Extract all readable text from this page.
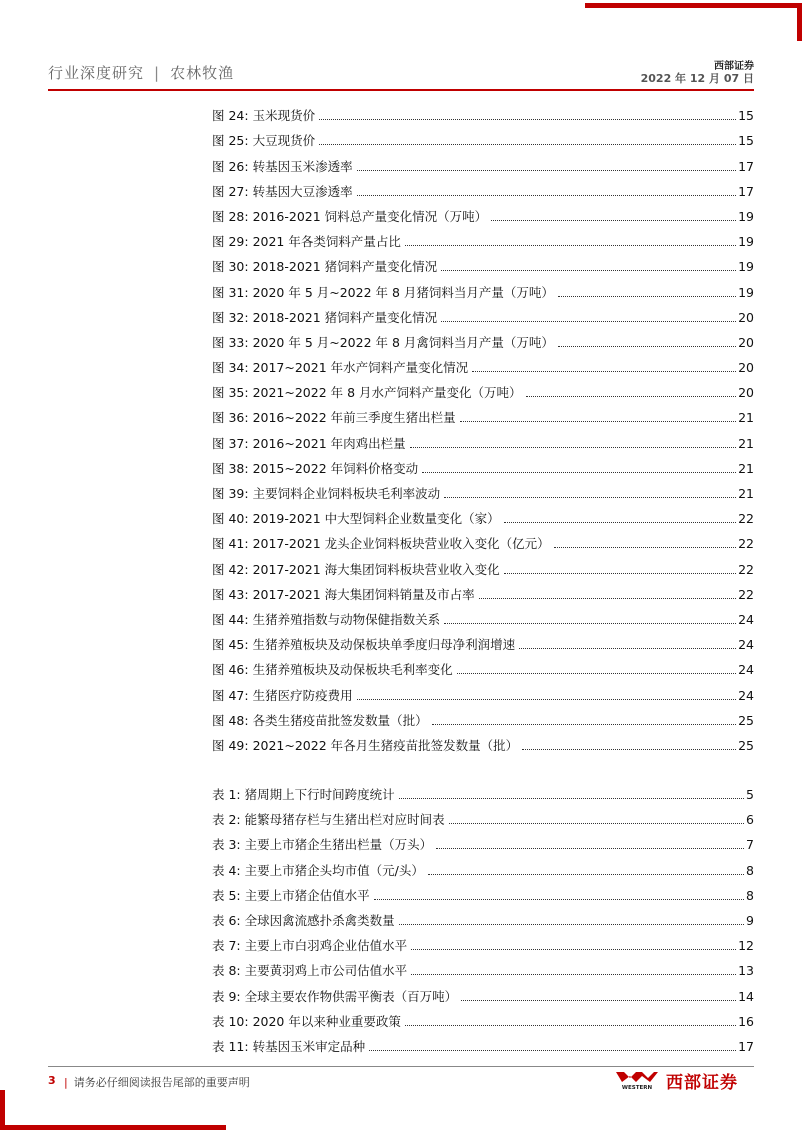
行业深度研究 | 农林牧渔	西部证券
2022 年 12 月 07 日
图 24: 玉米现货价	15
图 25: 大豆现货价	15
图 26: 转基因玉米渗透率	17
图 27: 转基因大豆渗透率	17
图 28: 2016-2021 饲料总产量变化情况（万吨）	19
图 29: 2021 年各类饲料产量占比	19
图 30: 2018-2021 猪饲料产量变化情况	19
图 31: 2020 年 5 月~2022 年 8 月猪饲料当月产量（万吨）	19
图 32: 2018-2021 猪饲料产量变化情况	20
图 33: 2020 年 5 月~2022 年 8 月禽饲料当月产量（万吨）	20
图 34: 2017~2021 年水产饲料产量变化情况	20
图 35: 2021~2022 年 8 月水产饲料产量变化（万吨）	20
图 36: 2016~2022 年前三季度生猪出栏量	21
图 37: 2016~2021 年肉鸡出栏量	21
图 38: 2015~2022 年饲料价格变动	21
图 39: 主要饲料企业饲料板块毛利率波动	21
图 40: 2019-2021 中大型饲料企业数量变化（家）	22
图 41: 2017-2021 龙头企业饲料板块营业收入变化（亿元）	22
图 42: 2017-2021 海大集团饲料板块营业收入变化	22
图 43: 2017-2021 海大集团饲料销量及市占率	22
图 44: 生猪养殖指数与动物保健指数关系	24
图 45: 生猪养殖板块及动保板块单季度归母净利润增速	24
图 46: 生猪养殖板块及动保板块毛利率变化	24
图 47: 生猪医疗防疫费用	24
图 48: 各类生猪疫苗批签发数量（批）	25
图 49: 2021~2022 年各月生猪疫苗批签发数量（批）	25
表 1: 猪周期上下行时间跨度统计	5
表 2: 能繁母猪存栏与生猪出栏对应时间表	6
表 3: 主要上市猪企生猪出栏量（万头）	7
表 4: 主要上市猪企头均市值（元/头）	8
表 5: 主要上市猪企估值水平	8
表 6: 全球因禽流感扑杀禽类数量	9
表 7: 主要上市白羽鸡企业估值水平	12
表 8: 主要黄羽鸡上市公司估值水平	13
表 9: 全球主要农作物供需平衡表（百万吨）	14
表 10: 2020 年以来种业重要政策	16
表 11: 转基因玉米审定品种	17
3 | 请务必仔细阅读报告尾部的重要声明	WESTERN 西部证券
